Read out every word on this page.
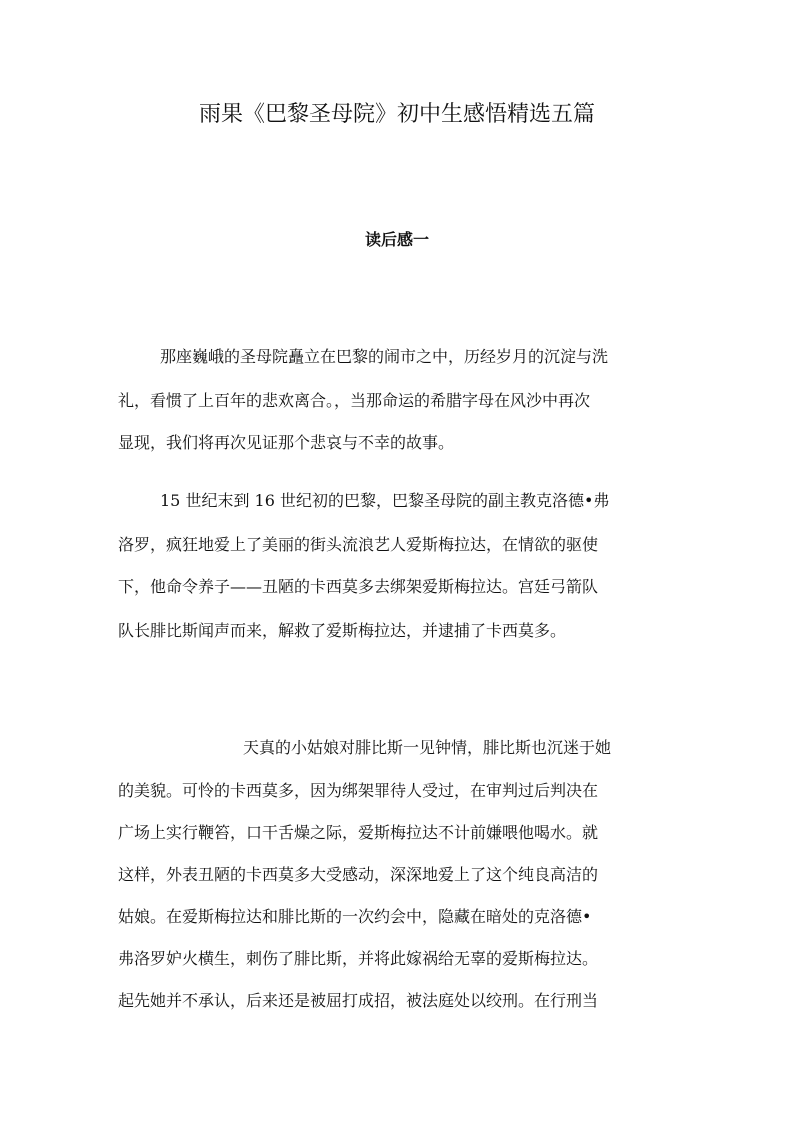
雨果《巴黎圣母院》初中生感悟精选五篇
读后感一

那座巍峨的圣母院矗立在巴黎的闹市之中，历经岁月的沉淀与洗

礼，看惯了上百年的悲欢离合。，当那命运的希腊字母在风沙中再次

显现，我们将再次见证那个悲哀与不幸的故事。

15 世纪末到 16 世纪初的巴黎，巴黎圣母院的副主教克洛德•弗

洛罗，疯狂地爱上了美丽的街头流浪艺人爱斯梅拉达，在情欲的驱使

下，他命令养子——丑陋的卡西莫多去绑架爱斯梅拉达。宫廷弓箭队

队长腓比斯闻声而来，解救了爱斯梅拉达，并逮捕了卡西莫多。

天真的小姑娘对腓比斯一见钟情，腓比斯也沉迷于她

的美貌。可怜的卡西莫多，因为绑架罪待人受过，在审判过后判决在

广场上实行鞭笞，口干舌燥之际，爱斯梅拉达不计前嫌喂他喝水。就

这样，外表丑陋的卡西莫多大受感动，深深地爱上了这个纯良高洁的

姑娘。在爱斯梅拉达和腓比斯的一次约会中，隐藏在暗处的克洛德•

弗洛罗妒火横生，刺伤了腓比斯，并将此嫁祸给无辜的爱斯梅拉达。

起先她并不承认，后来还是被屈打成招，被法庭处以绞刑。在行刑当
